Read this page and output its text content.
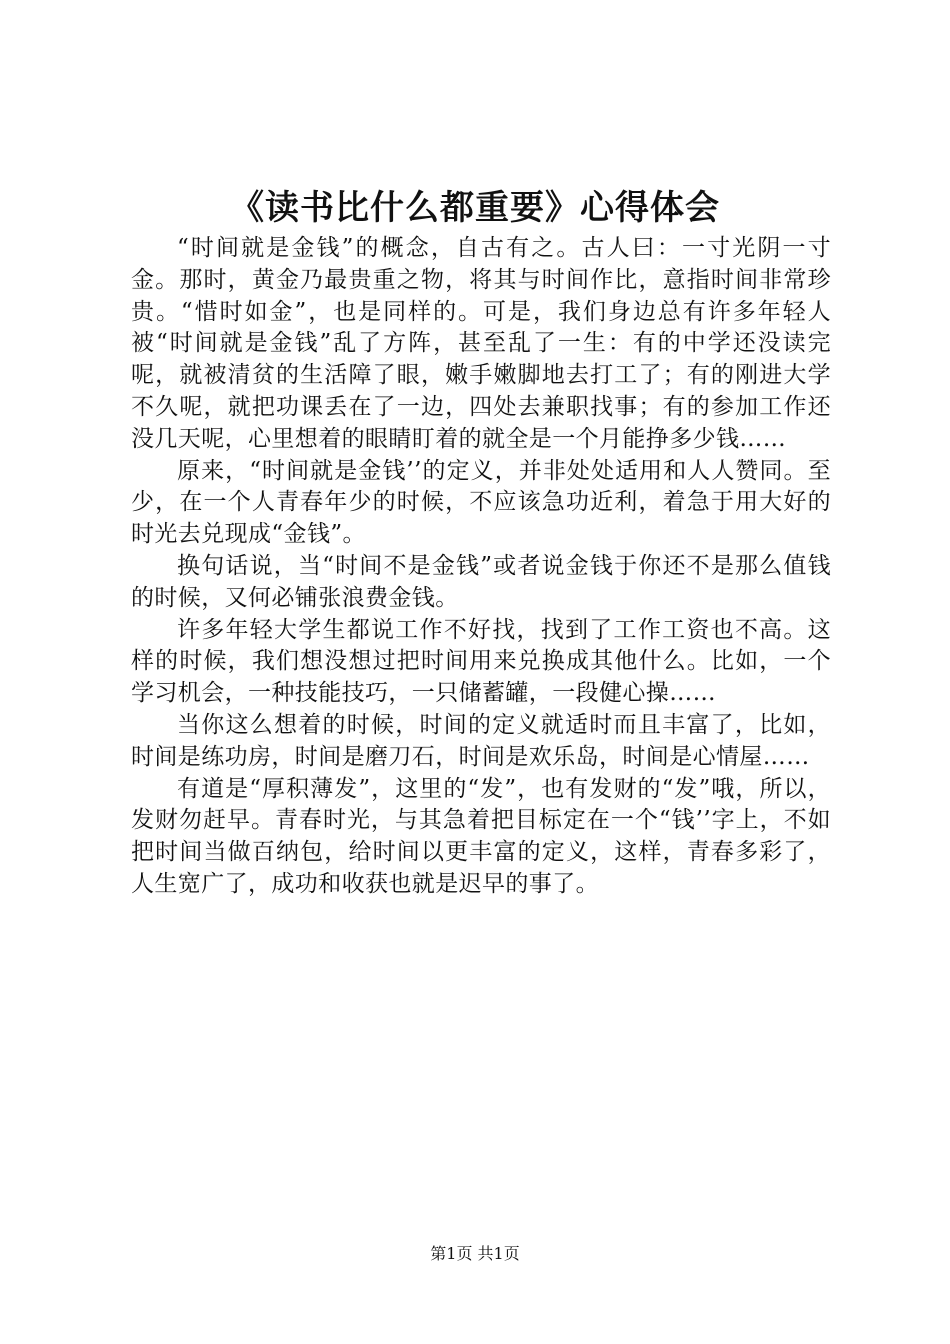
《读书比什么都重要》心得体会

“时间就是金钱”的概念，自古有之。古人曰：一寸光阴一寸金。那时，黄金乃最贵重之物，将其与时间作比，意指时间非常珍贵。“惜时如金”，也是同样的。可是，我们身边总有许多年轻人被“时间就是金钱”乱了方阵，甚至乱了一生：有的中学还没读完呢，就被清贫的生活障了眼，嫩手嫩脚地去打工了；有的刚进大学不久呢，就把功课丢在了一边，四处去兼职找事；有的参加工作还没几天呢，心里想着的眼睛盯着的就全是一个月能挣多少钱……

原来，“时间就是金钱’’的定义，并非处处适用和人人赞同。至少，在一个人青春年少的时候，不应该急功近利，着急于用大好的时光去兑现成“金钱”。

换句话说，当“时间不是金钱”或者说金钱于你还不是那么值钱的时候，又何必铺张浪费金钱。

许多年轻大学生都说工作不好找，找到了工作工资也不高。这样的时候，我们想没想过把时间用来兑换成其他什么。比如，一个学习机会，一种技能技巧，一只储蓄罐，一段健心操……

当你这么想着的时候，时间的定义就适时而且丰富了，比如，时间是练功房，时间是磨刀石，时间是欢乐岛，时间是心情屋……

有道是“厚积薄发”，这里的“发”，也有发财的“发”哦，所以，发财勿赶早。青春时光，与其急着把目标定在一个“钱’’字上，不如把时间当做百纳包，给时间以更丰富的定义，这样，青春多彩了，人生宽广了，成功和收获也就是迟早的事了。

第1页 共1页
